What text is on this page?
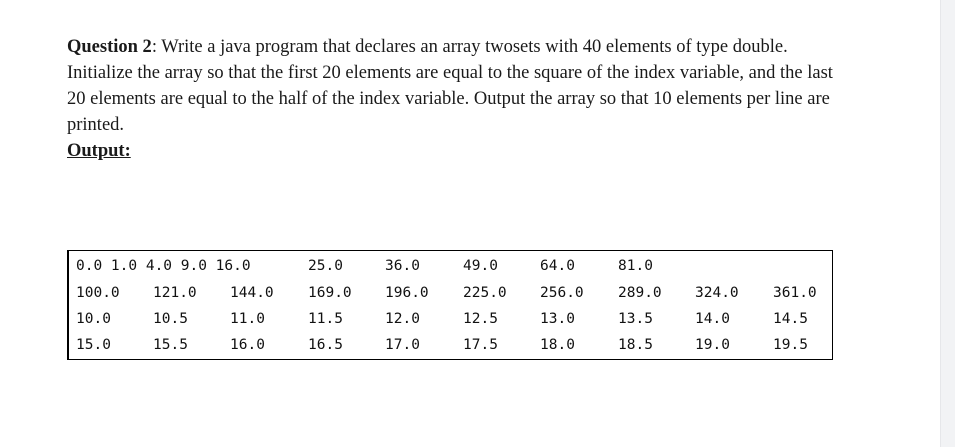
Question 2: Write a java program that declares an array twosets with 40 elements of type double.

Initialize the array so that the first 20 elements are equal to the square of the index variable, and the last 20 elements are equal to the half of the index variable. Output the array so that 10 elements per line are printed.

Output:

0.0 1.0 4.0 9.0 16.0	25.0	36.0	49.0	64.0	81.0
100.0 121.0 144.0 169.0 196.0 225.0 256.0 289.0 324.0 361.0
10.0	10.5	11.0	11.5	12.0	12.5	13.0	13.5	14.0	14.5
15.0	15.5	16.0	16.5	17.0	17.5	18.0	18.5	19.0	19.5
